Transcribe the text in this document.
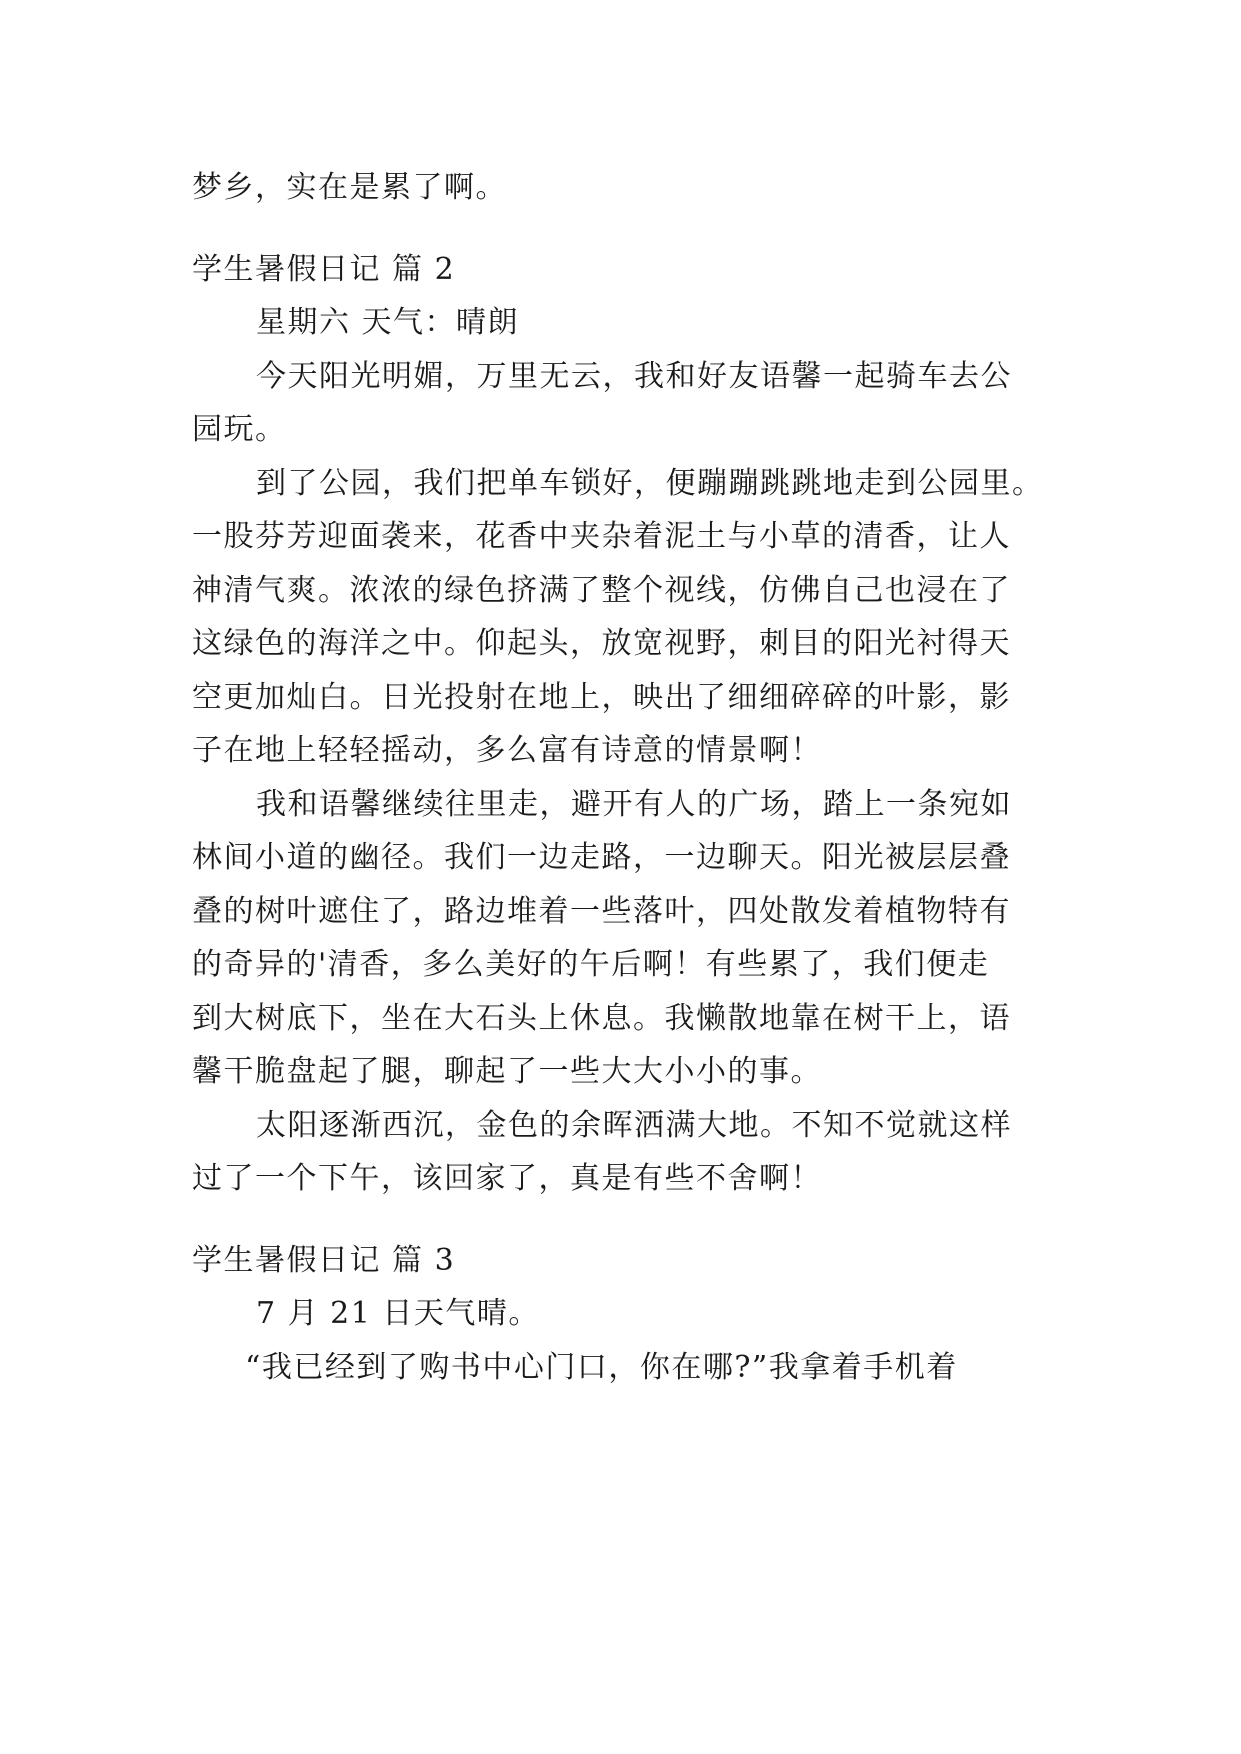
梦乡，实在是累了啊。
学生暑假日记 篇 2
星期六 天气：晴朗
今天阳光明媚，万里无云，我和好友语馨一起骑车去公
园玩。
到了公园，我们把单车锁好，便蹦蹦跳跳地走到公园里。
一股芬芳迎面袭来，花香中夹杂着泥土与小草的清香，让人
神清气爽。浓浓的绿色挤满了整个视线，仿佛自己也浸在了
这绿色的海洋之中。仰起头，放宽视野，刺目的阳光衬得天
空更加灿白。日光投射在地上，映出了细细碎碎的叶影，影
子在地上轻轻摇动，多么富有诗意的情景啊！
我和语馨继续往里走，避开有人的广场，踏上一条宛如
林间小道的幽径。我们一边走路，一边聊天。阳光被层层叠
叠的树叶遮住了，路边堆着一些落叶，四处散发着植物特有
的奇异的'清香，多么美好的午后啊！有些累了，我们便走
到大树底下，坐在大石头上休息。我懒散地靠在树干上，语
馨干脆盘起了腿，聊起了一些大大小小的事。
太阳逐渐西沉，金色的余晖洒满大地。不知不觉就这样
过了一个下午，该回家了，真是有些不舍啊！
学生暑假日记 篇 3
7 月 21 日天气晴。
“我已经到了购书中心门口，你在哪?”我拿着手机着
